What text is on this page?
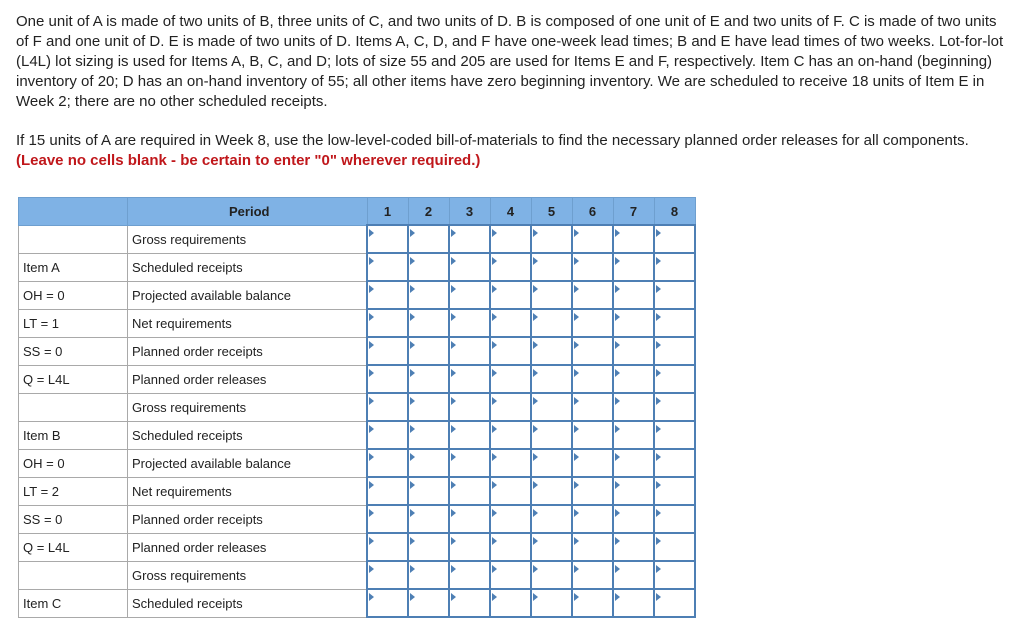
One unit of A is made of two units of B, three units of C, and two units of D. B is composed of one unit of E and two units of F. C is made of two units of F and one unit of D. E is made of two units of D. Items A, C, D, and F have one-week lead times; B and E have lead times of two weeks. Lot-for-lot (L4L) lot sizing is used for Items A, B, C, and D; lots of size 55 and 205 are used for Items E and F, respectively. Item C has an on-hand (beginning) inventory of 20; D has an on-hand inventory of 55; all other items have zero beginning inventory. We are scheduled to receive 18 units of Item E in Week 2; there are no other scheduled receipts.

If 15 units of A are required in Week 8, use the low-level-coded bill-of-materials to find the necessary planned order releases for all components. (Leave no cells blank - be certain to enter "0" wherever required.)

	Period	1	2	3	4	5	6	7	8
	Gross requirements								
Item A	Scheduled receipts								
OH = 0	Projected available balance								
LT = 1	Net requirements								
SS = 0	Planned order receipts								
Q = L4L	Planned order releases								
	Gross requirements								
Item B	Scheduled receipts								
OH = 0	Projected available balance								
LT = 2	Net requirements								
SS = 0	Planned order receipts								
Q = L4L	Planned order releases								
	Gross requirements								
Item C	Scheduled receipts								
